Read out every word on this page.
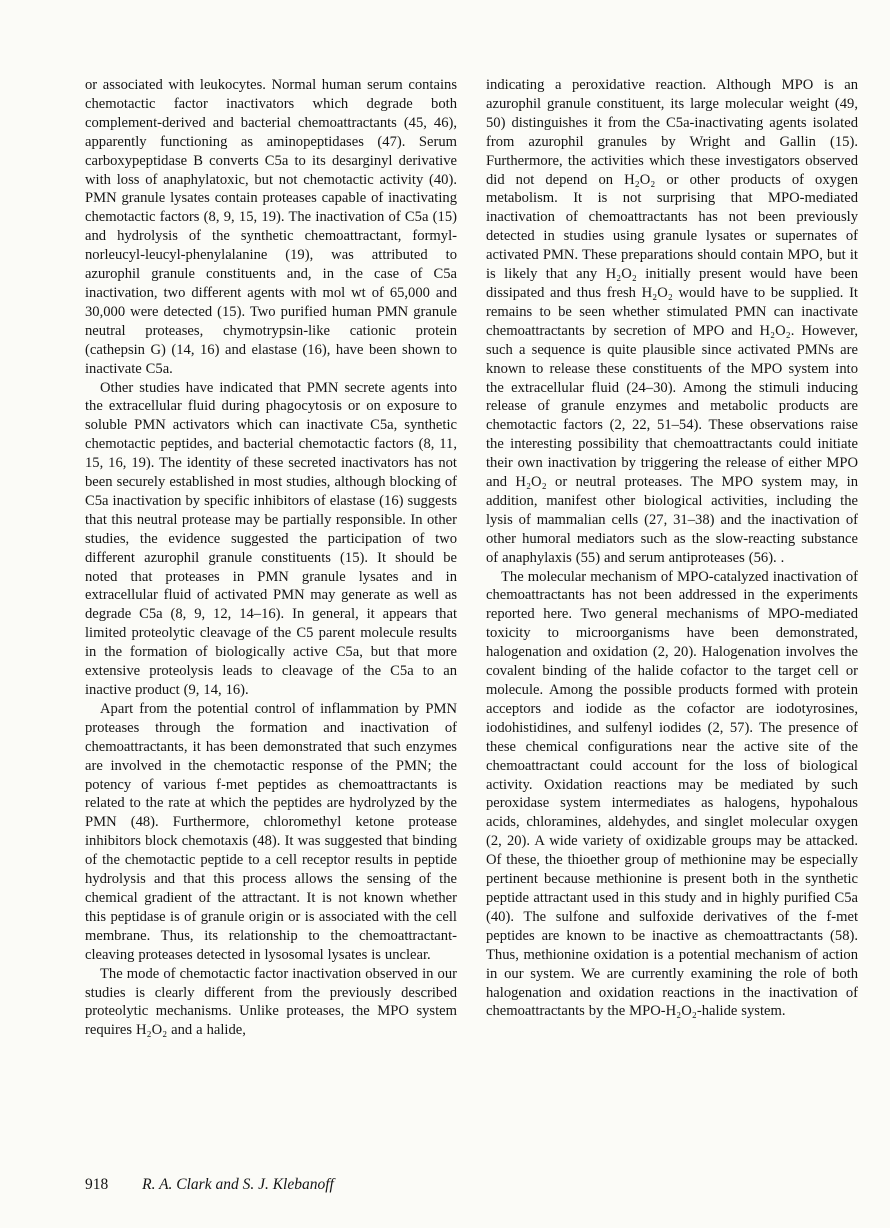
or associated with leukocytes. Normal human serum contains chemotactic factor inactivators which degrade both complement-derived and bacterial chemoattractants (45, 46), apparently functioning as aminopeptidases (47). Serum carboxypeptidase B converts C5a to its desarginyl derivative with loss of anaphylatoxic, but not chemotactic activity (40). PMN granule lysates contain proteases capable of inactivating chemotactic factors (8, 9, 15, 19). The inactivation of C5a (15) and hydrolysis of the synthetic chemoattractant, formyl-norleucyl-leucyl-phenylalanine (19), was attributed to azurophil granule constituents and, in the case of C5a inactivation, two different agents with mol wt of 65,000 and 30,000 were detected (15). Two purified human PMN granule neutral proteases, chymotrypsin-like cationic protein (cathepsin G) (14, 16) and elastase (16), have been shown to inactivate C5a.

Other studies have indicated that PMN secrete agents into the extracellular fluid during phagocytosis or on exposure to soluble PMN activators which can inactivate C5a, synthetic chemotactic peptides, and bacterial chemotactic factors (8, 11, 15, 16, 19). The identity of these secreted inactivators has not been securely established in most studies, although blocking of C5a inactivation by specific inhibitors of elastase (16) suggests that this neutral protease may be partially responsible. In other studies, the evidence suggested the participation of two different azurophil granule constituents (15). It should be noted that proteases in PMN granule lysates and in extracellular fluid of activated PMN may generate as well as degrade C5a (8, 9, 12, 14–16). In general, it appears that limited proteolytic cleavage of the C5 parent molecule results in the formation of biologically active C5a, but that more extensive proteolysis leads to cleavage of the C5a to an inactive product (9, 14, 16).

Apart from the potential control of inflammation by PMN proteases through the formation and inactivation of chemoattractants, it has been demonstrated that such enzymes are involved in the chemotactic response of the PMN; the potency of various f-met peptides as chemoattractants is related to the rate at which the peptides are hydrolyzed by the PMN (48). Furthermore, chloromethyl ketone protease inhibitors block chemotaxis (48). It was suggested that binding of the chemotactic peptide to a cell receptor results in peptide hydrolysis and that this process allows the sensing of the chemical gradient of the attractant. It is not known whether this peptidase is of granule origin or is associated with the cell membrane. Thus, its relationship to the chemoattractant-cleaving proteases detected in lysosomal lysates is unclear.

The mode of chemotactic factor inactivation observed in our studies is clearly different from the previously described proteolytic mechanisms. Unlike proteases, the MPO system requires H₂O₂ and a halide,

indicating a peroxidative reaction. Although MPO is an azurophil granule constituent, its large molecular weight (49, 50) distinguishes it from the C5a-inactivating agents isolated from azurophil granules by Wright and Gallin (15). Furthermore, the activities which these investigators observed did not depend on H₂O₂ or other products of oxygen metabolism. It is not surprising that MPO-mediated inactivation of chemoattractants has not been previously detected in studies using granule lysates or supernates of activated PMN. These preparations should contain MPO, but it is likely that any H₂O₂ initially present would have been dissipated and thus fresh H₂O₂ would have to be supplied. It remains to be seen whether stimulated PMN can inactivate chemoattractants by secretion of MPO and H₂O₂. However, such a sequence is quite plausible since activated PMNs are known to release these constituents of the MPO system into the extracellular fluid (24–30). Among the stimuli inducing release of granule enzymes and metabolic products are chemotactic factors (2, 22, 51–54). These observations raise the interesting possibility that chemoattractants could initiate their own inactivation by triggering the release of either MPO and H₂O₂ or neutral proteases. The MPO system may, in addition, manifest other biological activities, including the lysis of mammalian cells (27, 31–38) and the inactivation of other humoral mediators such as the slow-reacting substance of anaphylaxis (55) and serum antiproteases (56). .

The molecular mechanism of MPO-catalyzed inactivation of chemoattractants has not been addressed in the experiments reported here. Two general mechanisms of MPO-mediated toxicity to microorganisms have been demonstrated, halogenation and oxidation (2, 20). Halogenation involves the covalent binding of the halide cofactor to the target cell or molecule. Among the possible products formed with protein acceptors and iodide as the cofactor are iodotyrosines, iodohistidines, and sulfenyl iodides (2, 57). The presence of these chemical configurations near the active site of the chemoattractant could account for the loss of biological activity. Oxidation reactions may be mediated by such peroxidase system intermediates as halogens, hypohalous acids, chloramines, aldehydes, and singlet molecular oxygen (2, 20). A wide variety of oxidizable groups may be attacked. Of these, the thioether group of methionine may be especially pertinent because methionine is present both in the synthetic peptide attractant used in this study and in highly purified C5a (40). The sulfone and sulfoxide derivatives of the f-met peptides are known to be inactive as chemoattractants (58). Thus, methionine oxidation is a potential mechanism of action in our system. We are currently examining the role of both halogenation and oxidation reactions in the inactivation of chemoattractants by the MPO-H₂O₂-halide system.

918 R. A. Clark and S. J. Klebanoff
